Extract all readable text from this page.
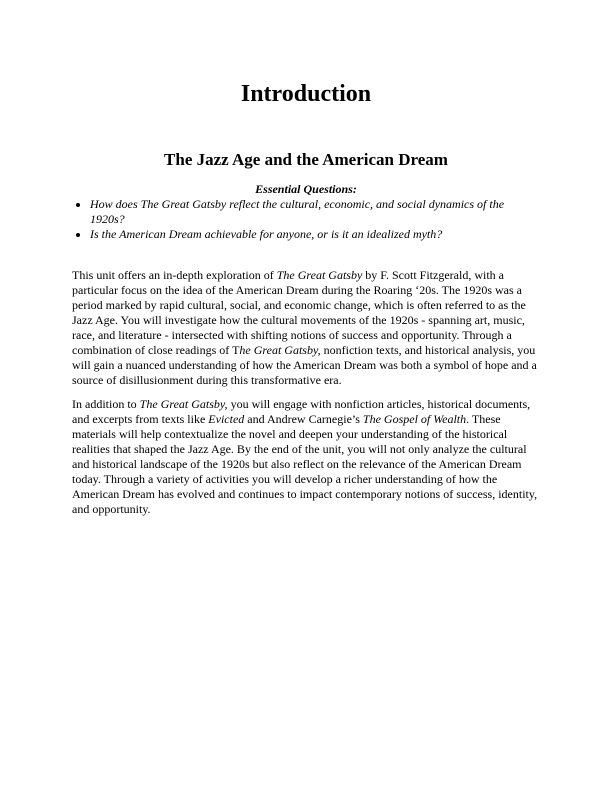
Introduction
The Jazz Age and the American Dream
Essential Questions:
• How does The Great Gatsby reflect the cultural, economic, and social dynamics of the 1920s?
• Is the American Dream achievable for anyone, or is it an idealized myth?

This unit offers an in-depth exploration of The Great Gatsby by F. Scott Fitzgerald, with a particular focus on the idea of the American Dream during the Roaring ‘20s. The 1920s was a period marked by rapid cultural, social, and economic change, which is often referred to as the Jazz Age. You will investigate how the cultural movements of the 1920s - spanning art, music, race, and literature - intersected with shifting notions of success and opportunity. Through a combination of close readings of The Great Gatsby, nonfiction texts, and historical analysis, you will gain a nuanced understanding of how the American Dream was both a symbol of hope and a source of disillusionment during this transformative era.

In addition to The Great Gatsby, you will engage with nonfiction articles, historical documents, and excerpts from texts like Evicted and Andrew Carnegie’s The Gospel of Wealth. These materials will help contextualize the novel and deepen your understanding of the historical realities that shaped the Jazz Age. By the end of the unit, you will not only analyze the cultural and historical landscape of the 1920s but also reflect on the relevance of the American Dream today. Through a variety of activities you will develop a richer understanding of how the American Dream has evolved and continues to impact contemporary notions of success, identity, and opportunity.
